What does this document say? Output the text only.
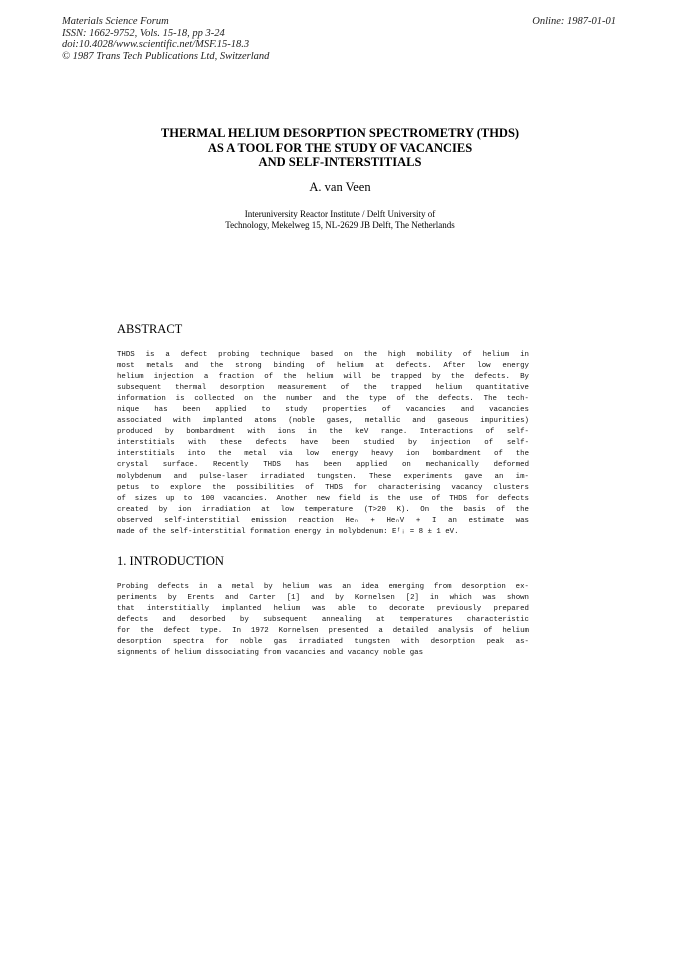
Materials Science Forum
ISSN: 1662-9752, Vols. 15-18, pp 3-24
doi:10.4028/www.scientific.net/MSF.15-18.3
© 1987 Trans Tech Publications Ltd, Switzerland
Online: 1987-01-01
THERMAL HELIUM DESORPTION SPECTROMETRY (THDS)
AS A TOOL FOR THE STUDY OF VACANCIES
AND SELF-INTERSTITIALS
A. van Veen
Interuniversity Reactor Institute / Delft University of
Technology, Mekelweg 15, NL-2629 JB Delft, The Netherlands
ABSTRACT
THDS is a defect probing technique based on the high mobility of helium in
most metals and the strong binding of helium at defects. After low energy
helium injection a fraction of the helium will be trapped by the defects. By
subsequent thermal desorption measurement of the trapped helium quantitative
information is collected on the number and the type of the defects. The tech-
nique has been applied to study properties of vacancies and vacancies
associated with implanted atoms (noble gases, metallic and gaseous impurities)
produced by bombardment with ions in the keV range. Interactions of self-
interstitials with these defects have been studied by injection of self-
interstitials into the metal via low energy heavy ion bombardment of the
crystal surface. Recently THDS has been applied on mechanically deformed
molybdenum and pulse-laser irradiated tungsten. These experiments gave an im-
petus to explore the possibilities of THDS for characterising vacancy clusters
of sizes up to 100 vacancies. Another new field is the use of THDS for defects
created by ion irradiation at low temperature (T>20 K). On the basis of the
observed self-interstitial emission reaction Heₙ + HeₙV + I an estimate was
made of the self-interstitial formation energy in molybdenum: Eᶠᵢ = 8 ± 1 eV.
1. INTRODUCTION
Probing defects in a metal by helium was an idea emerging from desorption ex-
periments by Erents and Carter [1] and by Kornelsen [2] in which was shown
that interstitially implanted helium was able to decorate previously prepared
defects and desorbed by subsequent annealing at temperatures characteristic
for the defect type. In 1972 Kornelsen presented a detailed analysis of helium
desorption spectra for noble gas irradiated tungsten with desorption peak as-
signments of helium dissociating from vacancies and vacancy noble gas
